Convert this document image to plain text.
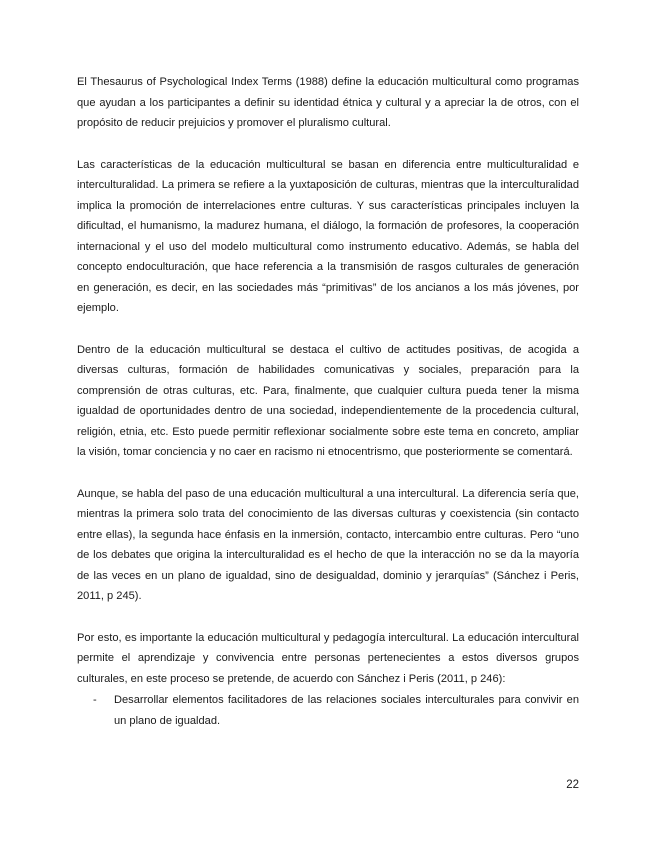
El Thesaurus of Psychological Index Terms (1988) define la educación multicultural como programas que ayudan a los participantes a definir su identidad étnica y cultural y a apreciar la de otros, con el propósito de reducir prejuicios y promover el pluralismo cultural.

Las características de la educación multicultural se basan en diferencia entre multiculturalidad e interculturalidad. La primera se refiere a la yuxtaposición de culturas, mientras que la interculturalidad implica la promoción de interrelaciones entre culturas. Y sus características principales incluyen la dificultad, el humanismo, la madurez humana, el diálogo, la formación de profesores, la cooperación internacional y el uso del modelo multicultural como instrumento educativo. Además, se habla del concepto endoculturación, que hace referencia a la transmisión de rasgos culturales de generación en generación, es decir, en las sociedades más “primitivas” de los ancianos a los más jóvenes, por ejemplo.

Dentro de la educación multicultural se destaca el cultivo de actitudes positivas, de acogida a diversas culturas, formación de habilidades comunicativas y sociales, preparación para la comprensión de otras culturas, etc. Para, finalmente, que cualquier cultura pueda tener la misma igualdad de oportunidades dentro de una sociedad, independientemente de la procedencia cultural, religión, etnia, etc. Esto puede permitir reflexionar socialmente sobre este tema en concreto, ampliar la visión, tomar conciencia y no caer en racismo ni etnocentrismo, que posteriormente se comentará.

Aunque, se habla del paso de una educación multicultural a una intercultural. La diferencia sería que, mientras la primera solo trata del conocimiento de las diversas culturas y coexistencia (sin contacto entre ellas), la segunda hace énfasis en la inmersión, contacto, intercambio entre culturas. Pero “uno de los debates que origina la interculturalidad es el hecho de que la interacción no se da la mayoría de las veces en un plano de igualdad, sino de desigualdad, dominio y jerarquías” (Sánchez i Peris, 2011, p 245).

Por esto, es importante la educación multicultural y pedagogía intercultural. La educación intercultural permite el aprendizaje y convivencia entre personas pertenecientes a estos diversos grupos culturales, en este proceso se pretende, de acuerdo con Sánchez i Peris (2011, p 246):

- Desarrollar elementos facilitadores de las relaciones sociales interculturales para convivir en un plano de igualdad.
22
